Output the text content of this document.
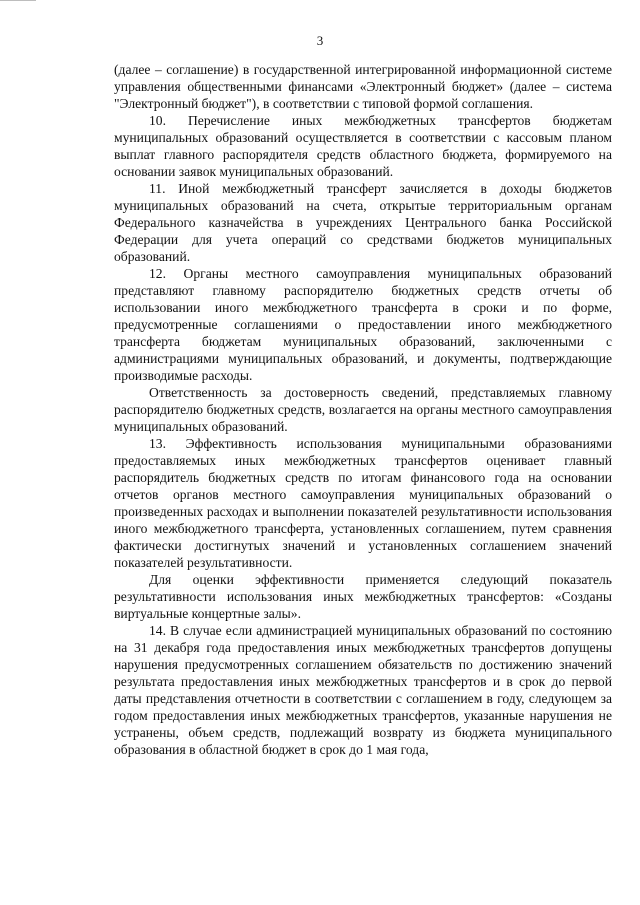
3

(далее – соглашение) в государственной интегрированной информационной системе управления общественными финансами «Электронный бюджет» (далее – система "Электронный бюджет"), в соответствии с типовой формой соглашения.

10. Перечисление иных межбюджетных трансфертов бюджетам муниципальных образований осуществляется в соответствии с кассовым планом выплат главного распорядителя средств областного бюджета, формируемого на основании заявок муниципальных образований.

11. Иной межбюджетный трансферт зачисляется в доходы бюджетов муниципальных образований на счета, открытые территориальным органам Федерального казначейства в учреждениях Центрального банка Российской Федерации для учета операций со средствами бюджетов муниципальных образований.

12. Органы местного самоуправления муниципальных образований представляют главному распорядителю бюджетных средств отчеты об использовании иного межбюджетного трансферта в сроки и по форме, предусмотренные соглашениями о предоставлении иного межбюджетного трансферта бюджетам муниципальных образований, заключенными с администрациями муниципальных образований, и документы, подтверждающие производимые расходы.

Ответственность за достоверность сведений, представляемых главному распорядителю бюджетных средств, возлагается на органы местного самоуправления муниципальных образований.

13. Эффективность использования муниципальными образованиями предоставляемых иных межбюджетных трансфертов оценивает главный распорядитель бюджетных средств по итогам финансового года на основании отчетов органов местного самоуправления муниципальных образований о произведенных расходах и выполнении показателей результативности использования иного межбюджетного трансферта, установленных соглашением, путем сравнения фактически достигнутых значений и установленных соглашением значений показателей результативности.

Для оценки эффективности применяется следующий показатель результативности использования иных межбюджетных трансфертов: «Созданы виртуальные концертные залы».

14. В случае если администрацией муниципальных образований по состоянию на 31 декабря года предоставления иных межбюджетных трансфертов допущены нарушения предусмотренных соглашением обязательств по достижению значений результата предоставления иных межбюджетных трансфертов и в срок до первой даты представления отчетности в соответствии с соглашением в году, следующем за годом предоставления иных межбюджетных трансфертов, указанные нарушения не устранены, объем средств, подлежащий возврату из бюджета муниципального образования в областной бюджет в срок до 1 мая года,
